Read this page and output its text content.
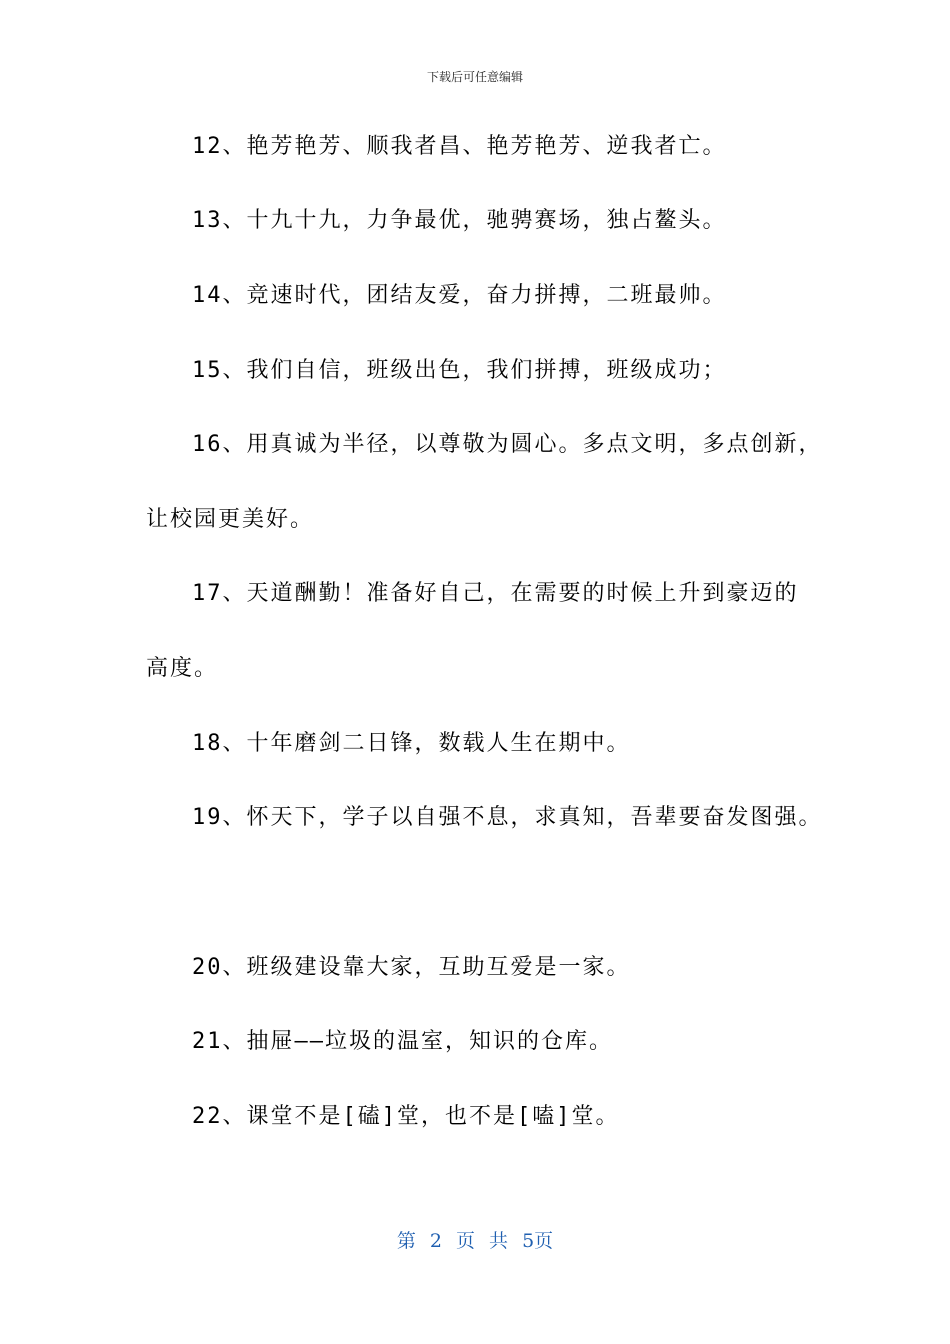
下载后可任意编辑
12、艳芳艳芳、顺我者昌、艳芳艳芳、逆我者亡。
13、十九十九，力争最优，驰骋赛场，独占鳌头。
14、竞速时代，团结友爱，奋力拼搏，二班最帅。
15、我们自信，班级出色，我们拼搏，班级成功；
16、用真诚为半径，以尊敬为圆心。多点文明，多点创新，
让校园更美好。
17、天道酬勤！准备好自己，在需要的时候上升到豪迈的
高度。
18、十年磨剑二日锋，数载人生在期中。
19、怀天下，学子以自强不息，求真知，吾辈要奋发图强。
20、班级建设靠大家，互助互爱是一家。
21、抽屉——垃圾的温室，知识的仓库。
22、课堂不是[磕]堂，也不是[嗑]堂。
第 2 页 共 5页
